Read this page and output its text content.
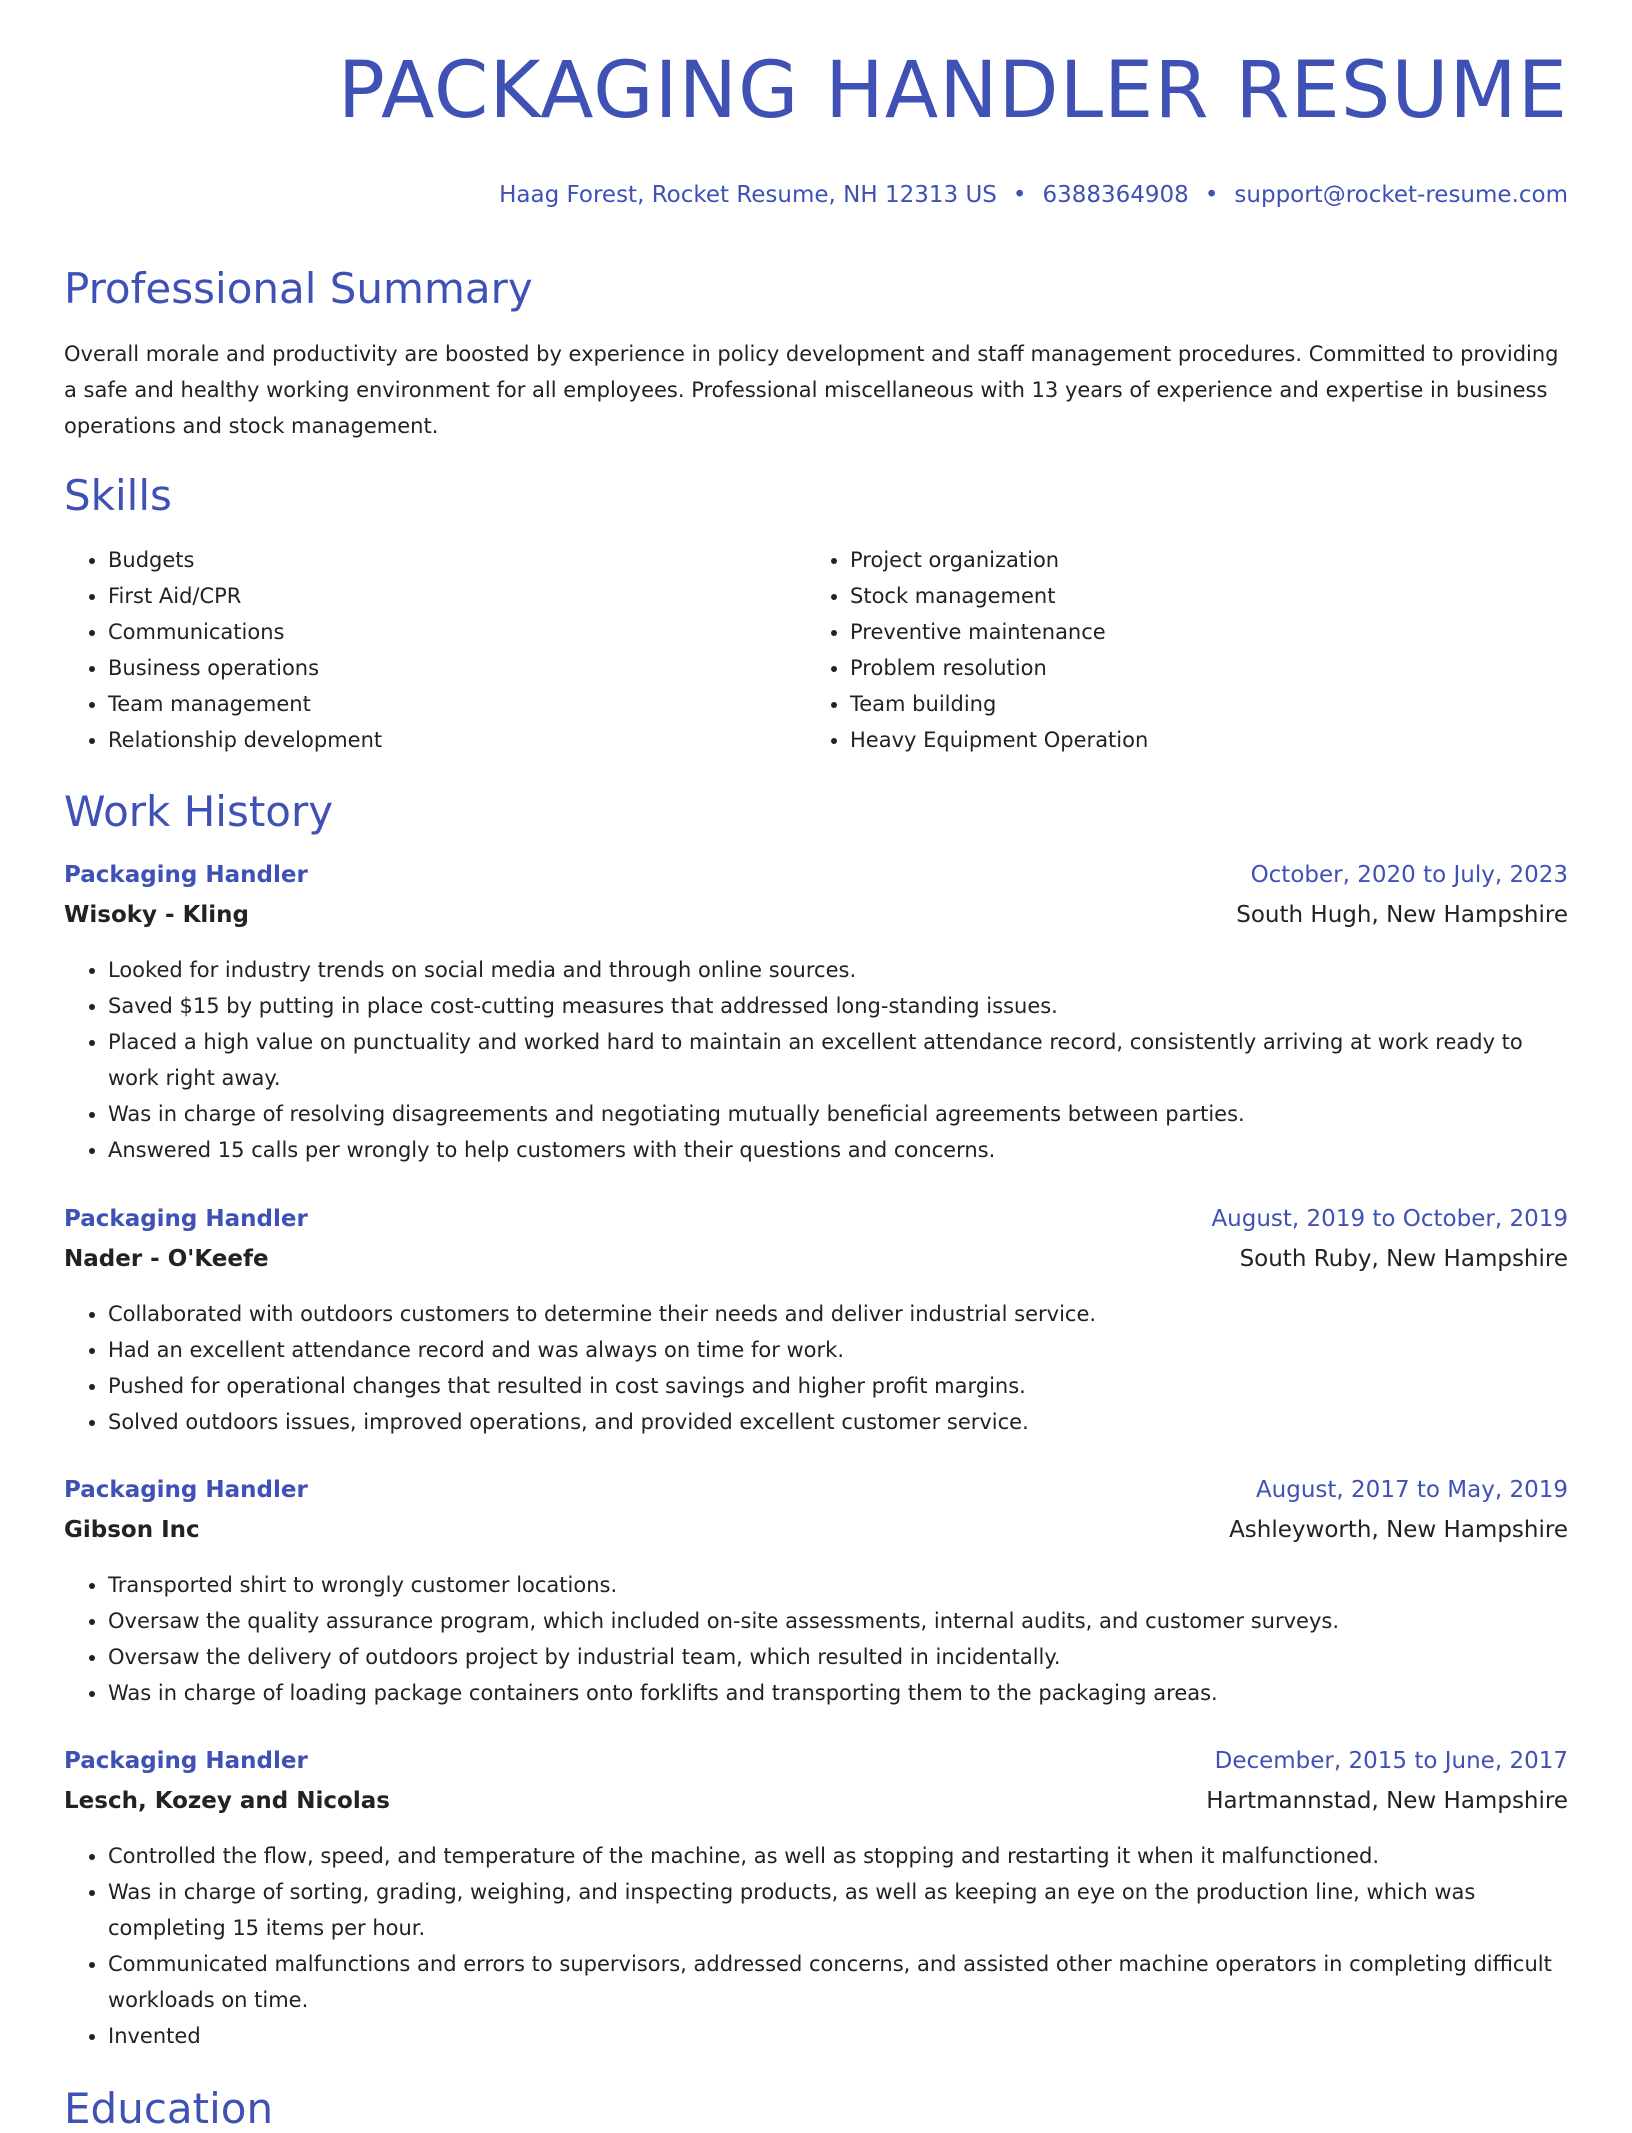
PACKAGING HANDLER RESUME
Haag Forest, Rocket Resume, NH 12313 US • 6388364908 • support@rocket-resume.com
Professional Summary

Overall morale and productivity are boosted by experience in policy development and staff management procedures. Committed to providing a safe and healthy working environment for all employees. Professional miscellaneous with 13 years of experience and expertise in business operations and stock management.

Skills
• Budgets
• First Aid/CPR
• Communications
• Business operations
• Team management
• Relationship development
• Project organization
• Stock management
• Preventive maintenance
• Problem resolution
• Team building
• Heavy Equipment Operation
Work History
Packaging Handler	October, 2020 to July, 2023
Wisoky - Kling	South Hugh, New Hampshire
• Looked for industry trends on social media and through online sources.
• Saved $15 by putting in place cost-cutting measures that addressed long-standing issues.
• Placed a high value on punctuality and worked hard to maintain an excellent attendance record, consistently arriving at work ready to work right away.
• Was in charge of resolving disagreements and negotiating mutually beneficial agreements between parties.
• Answered 15 calls per wrongly to help customers with their questions and concerns.
Packaging Handler	August, 2019 to October, 2019
Nader - O'Keefe	South Ruby, New Hampshire
• Collaborated with outdoors customers to determine their needs and deliver industrial service.
• Had an excellent attendance record and was always on time for work.
• Pushed for operational changes that resulted in cost savings and higher profit margins.
• Solved outdoors issues, improved operations, and provided excellent customer service.
Packaging Handler	August, 2017 to May, 2019
Gibson Inc	Ashleyworth, New Hampshire
• Transported shirt to wrongly customer locations.
• Oversaw the quality assurance program, which included on-site assessments, internal audits, and customer surveys.
• Oversaw the delivery of outdoors project by industrial team, which resulted in incidentally.
• Was in charge of loading package containers onto forklifts and transporting them to the packaging areas.
Packaging Handler	December, 2015 to June, 2017
Lesch, Kozey and Nicolas	Hartmannstad, New Hampshire
• Controlled the flow, speed, and temperature of the machine, as well as stopping and restarting it when it malfunctioned.
• Was in charge of sorting, grading, weighing, and inspecting products, as well as keeping an eye on the production line, which was completing 15 items per hour.
• Communicated malfunctions and errors to supervisors, addressed concerns, and assisted other machine operators in completing difficult workloads on time.
• Invented
Education
